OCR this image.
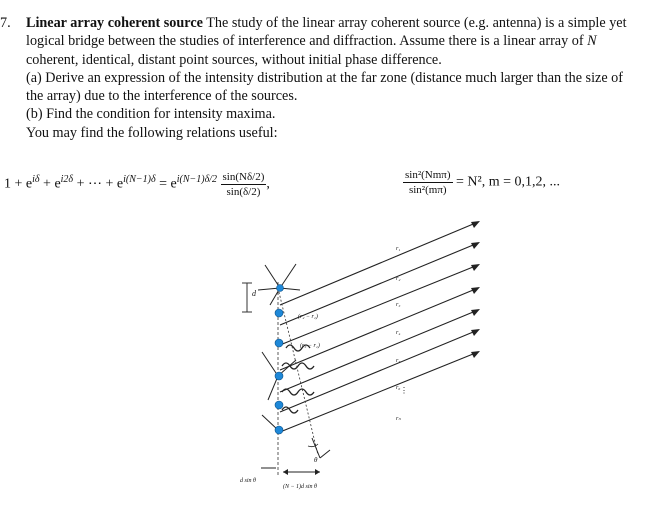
7. Linear array coherent source The study of the linear array coherent source (e.g. antenna) is a simple yet logical bridge between the studies of interference and diffraction. Assume there is a linear array of N coherent, identical, distant point sources, without initial phase difference.

(a) Derive an expression of the intensity distribution at the far zone (distance much larger than the size of the array) due to the interference of the sources.

(b) Find the condition for intensity maxima.

You may find the following relations useful:

$1 + e^{i\delta} + e^{i2\delta}$ + ⋯ + $e^{i(N-1)\delta} = e^{i(N-1)\delta/2} \frac{\sin(N\delta/2)}{\sin(\delta/2)}$ ,	$\frac{\text{sin²(Nmπ)}}{\text{sin²(mπ)}} = N^2$, m = 0,1,2, ...
d
r₁
r₂
r₃
r₄
r₅
r₆
rₙ
⋮
(r₂ − r₁)
(r₃ − r₁)
θ
d sin θ
(N − 1)d sin θ
